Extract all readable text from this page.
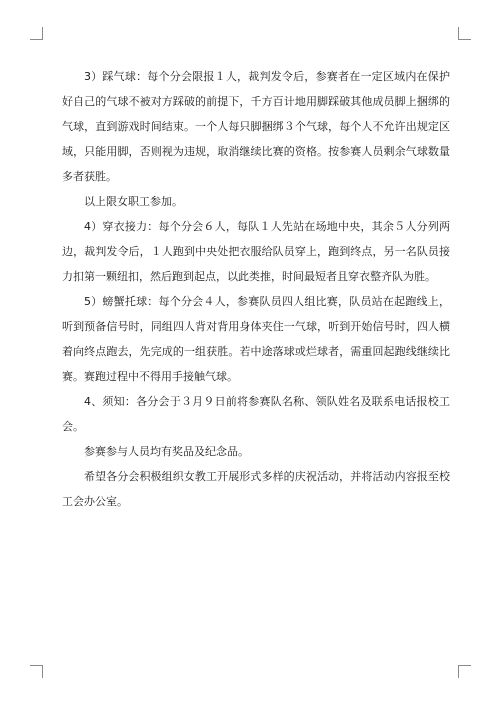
3）踩气球：每个分会限报１人，裁判发令后，参赛者在一定区域内在保护好自己的气球不被对方踩破的前提下，千方百计地用脚踩破其他成员脚上捆绑的气球，直到游戏时间结束。一个人每只脚捆绑３个气球，每个人不允许出规定区域，只能用脚，否则视为违规，取消继续比赛的资格。按参赛人员剩余气球数量多者获胜。

以上限女职工参加。

4）穿衣接力：每个分会６人，每队１人先站在场地中央，其余５人分列两边，裁判发令后，１人跑到中央处把衣服给队员穿上，跑到终点，另一名队员接力扣第一颗纽扣，然后跑到起点，以此类推，时间最短者且穿衣整齐队为胜。

5）螃蟹托球：每个分会４人，参赛队员四人组比赛，队员站在起跑线上，听到预备信号时，同组四人背对背用身体夹住一气球，听到开始信号时，四人横着向终点跑去，先完成的一组获胜。若中途落球或烂球者，需重回起跑线继续比赛。赛跑过程中不得用手接触气球。

4、须知：各分会于３月９日前将参赛队名称、领队姓名及联系电话报校工会。

参赛参与人员均有奖品及纪念品。

希望各分会积极组织女教工开展形式多样的庆祝活动，并将活动内容报至校工会办公室。
